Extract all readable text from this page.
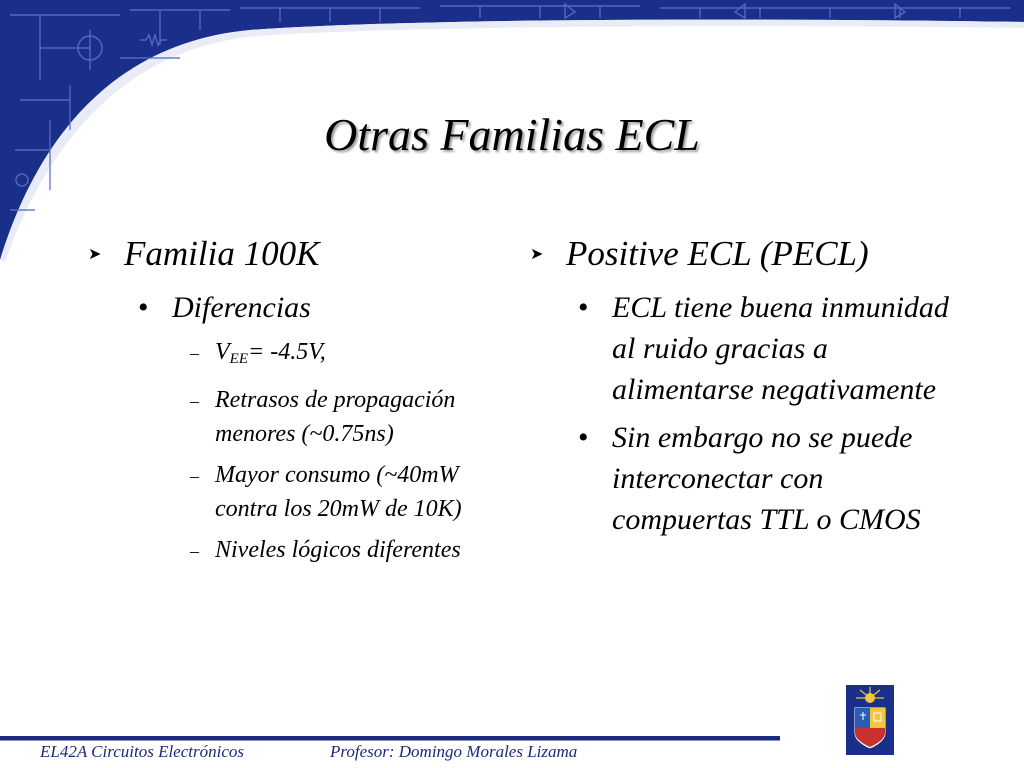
Otras Familias ECL
➤ Familia 100K
• Diferencias
– $V_{EE}= -4.5V$,
– Retrasos de propagación menores (~0.75ns)
– Mayor consumo (~40mW contra los 20mW de 10K)
– Niveles lógicos diferentes
➤ Positive ECL (PECL)
• ECL tiene buena inmunidad al ruido gracias a alimentarse negativamente
• Sin embargo no se puede interconectar con compuertas TTL o CMOS
EL42A Circuitos Electrónicos	Profesor: Domingo Morales Lizama
